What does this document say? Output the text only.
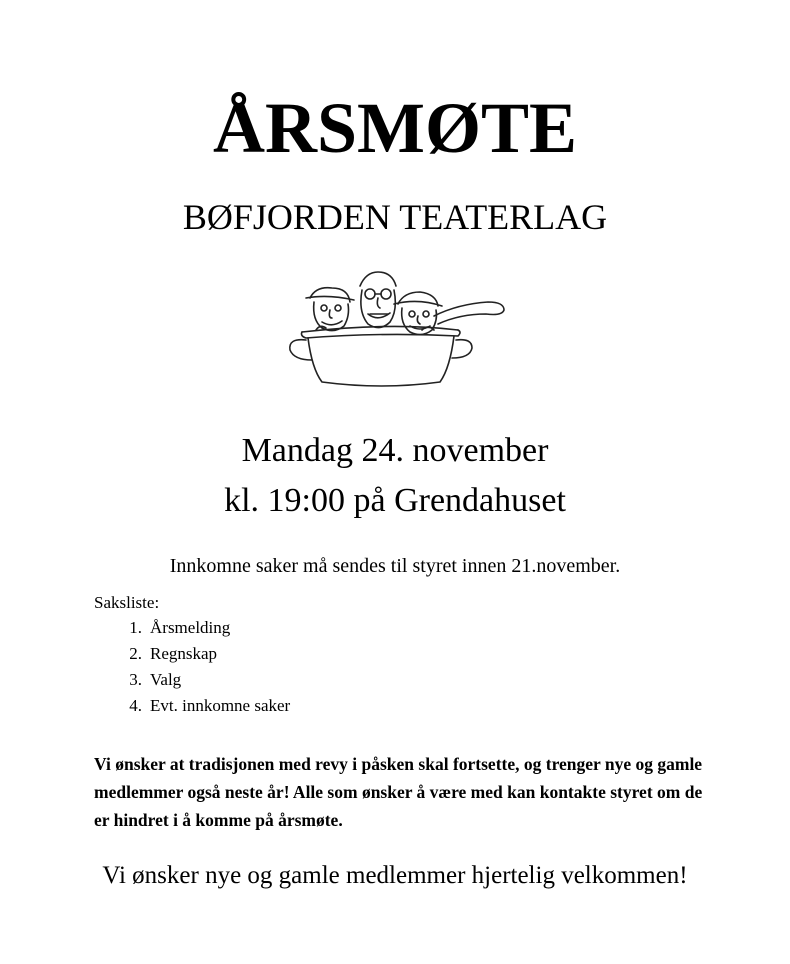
ÅRSMØTE
BØFJORDEN TEATERLAG
Mandag 24. november
kl. 19:00 på Grendahuset
Innkomne saker må sendes til styret innen 21.november.
Saksliste:
1. Årsmelding
2. Regnskap
3. Valg
4. Evt. innkomne saker
Vi ønsker at tradisjonen med revy i påsken skal fortsette, og trenger nye og gamle medlemmer også neste år! Alle som ønsker å være med kan kontakte styret om de er hindret i å komme på årsmøte.
Vi ønsker nye og gamle medlemmer hjertelig velkommen!
